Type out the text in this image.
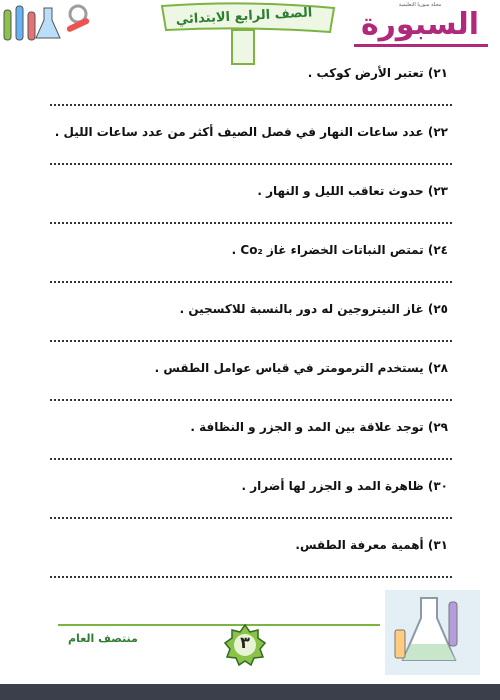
الصف الرابع الابتدائي
مجلة سوريا التعليمية
السبورة
٢١) تعتبر الأرض كوكب .
٢٢) عدد ساعات النهار في فصل الصيف أكثر من عدد ساعات الليل .
٢٣) حدوث تعاقب الليل و النهار .
٢٤) تمتص النباتات الخضراء غاز Co₂ .
٢٥) غاز النيتروجين له دور بالنسبة للاكسجين .
٢٨) يستخدم الترمومتر في قياس عوامل الطقس .
٢٩) توجد علاقة بين المد و الجزر و النظافة .
٣٠) ظاهرة المد و الجزر لها أضرار .
٣١) أهمية معرفة الطقس.
منتصف العام	٣
